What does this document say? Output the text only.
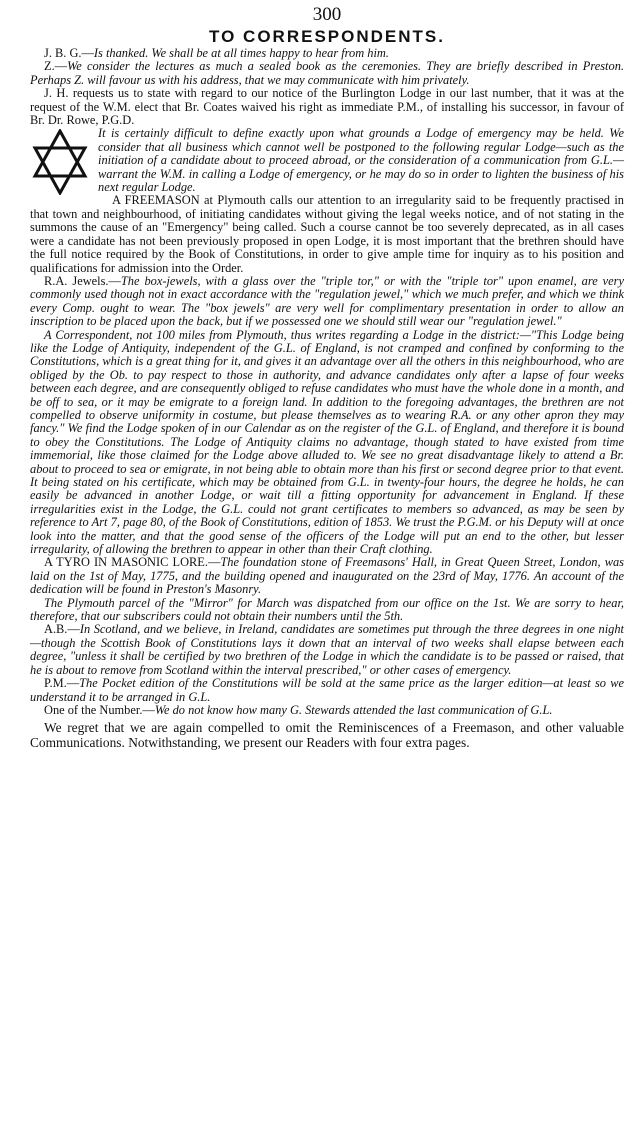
300
TO CORRESPONDENTS.

J. B. G.—Is thanked. We shall be at all times happy to hear from him.

Z.—We consider the lectures as much a sealed book as the ceremonies. They are briefly described in Preston. Perhaps Z. will favour us with his address, that we may communicate with him privately.

J. H. requests us to state with regard to our notice of the Burlington Lodge in our last number, that it was at the request of the W.M. elect that Br. Coates waived his right as immediate P.M., of installing his successor, in favour of Br. Dr. Rowe, P.G.D.

It is certainly difficult to define exactly upon what grounds a Lodge of emergency may be held. We consider that all business which cannot well be postponed to the following regular Lodge—such as the initiation of a candidate about to proceed abroad, or the consideration of a communication from G.L.—warrant the W.M. in calling a Lodge of emergency, or he may do so in order to lighten the business of his next regular Lodge.

A FREEMASON at Plymouth calls our attention to an irregularity said to be frequently practised in that town and neighbourhood, of initiating candidates without giving the legal weeks notice, and of not stating in the summons the cause of an "Emergency" being called. Such a course cannot be too severely deprecated, as in all cases were a candidate has not been previously proposed in open Lodge, it is most important that the brethren should have the full notice required by the Book of Constitutions, in order to give ample time for inquiry as to his position and qualifications for admission into the Order.

R.A. Jewels.—The box-jewels, with a glass over the "triple tor," or with the "triple tor" upon enamel, are very commonly used though not in exact accordance with the "regulation jewel," which we much prefer, and which we think every Comp. ought to wear. The "box jewels" are very well for complimentary presentation in order to allow an inscription to be placed upon the back, but if we possessed one we should still wear our "regulation jewel."

A Correspondent, not 100 miles from Plymouth, thus writes regarding a Lodge in the district:—"This Lodge being like the Lodge of Antiquity, independent of the G.L. of England, is not cramped and confined by conforming to the Constitutions, which is a great thing for it, and gives it an advantage over all the others in this neighbourhood, who are obliged by the Ob. to pay respect to those in authority, and advance candidates only after a lapse of four weeks between each degree, and are consequently obliged to refuse candidates who must have the whole done in a month, and be off to sea, or it may be emigrate to a foreign land. In addition to the foregoing advantages, the brethren are not compelled to observe uniformity in costume, but please themselves as to wearing R.A. or any other apron they may fancy." We find the Lodge spoken of in our Calendar as on the register of the G.L. of England, and therefore it is bound to obey the Constitutions. The Lodge of Antiquity claims no advantage, though stated to have existed from time immemorial, like those claimed for the Lodge above alluded to. We see no great disadvantage likely to attend a Br. about to proceed to sea or emigrate, in not being able to obtain more than his first or second degree prior to that event. It being stated on his certificate, which may be obtained from G.L. in twenty-four hours, the degree he holds, he can easily be advanced in another Lodge, or wait till a fitting opportunity for advancement in England. If these irregularities exist in the Lodge, the G.L. could not grant certificates to members so advanced, as may be seen by reference to Art 7, page 80, of the Book of Constitutions, edition of 1853. We trust the P.G.M. or his Deputy will at once look into the matter, and that the good sense of the officers of the Lodge will put an end to the other, but lesser irregularity, of allowing the brethren to appear in other than their Craft clothing.

A TYRO IN MASONIC LORE.—The foundation stone of Freemasons' Hall, in Great Queen Street, London, was laid on the 1st of May, 1775, and the building opened and inaugurated on the 23rd of May, 1776. An account of the dedication will be found in Preston's Masonry.

The Plymouth parcel of the "Mirror" for March was dispatched from our office on the 1st. We are sorry to hear, therefore, that our subscribers could not obtain their numbers until the 5th.

A.B.—In Scotland, and we believe, in Ireland, candidates are sometimes put through the three degrees in one night—though the Scottish Book of Constitutions lays it down that an interval of two weeks shall elapse between each degree, "unless it shall be certified by two brethren of the Lodge in which the candidate is to be passed or raised, that he is about to remove from Scotland within the interval prescribed," or other cases of emergency.

P.M.—The Pocket edition of the Constitutions will be sold at the same price as the larger edition—at least so we understand it to be arranged in G.L.

One of the Number.—We do not know how many G. Stewards attended the last communication of G.L.

We regret that we are again compelled to omit the Reminiscences of a Freemason, and other valuable Communications. Notwithstanding, we present our Readers with four extra pages.
